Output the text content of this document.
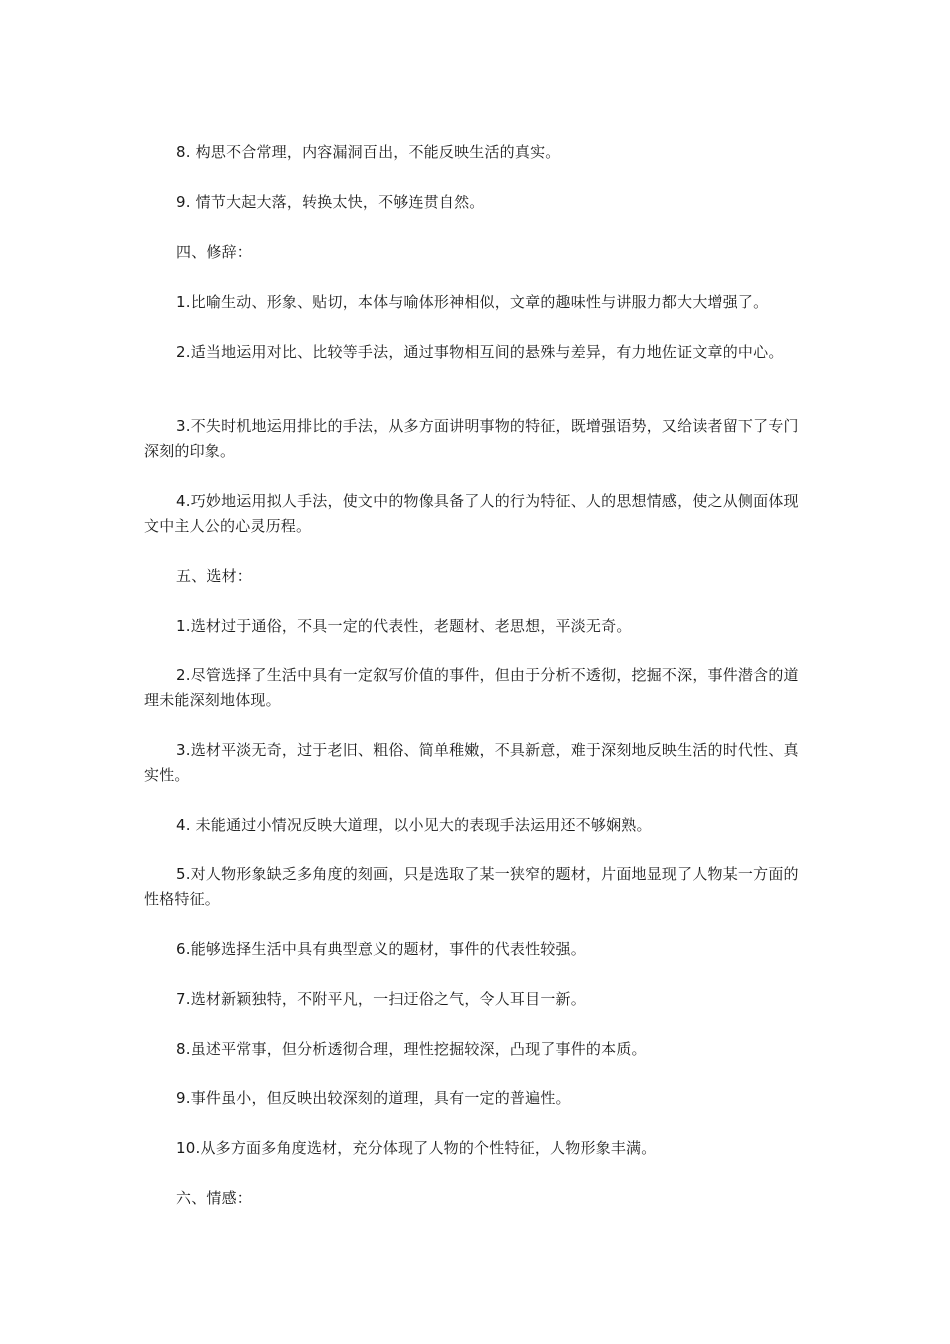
8. 构思不合常理，内容漏洞百出，不能反映生活的真实。

9. 情节大起大落，转换太快，不够连贯自然。

四、修辞：

1.比喻生动、形象、贴切，本体与喻体形神相似，文章的趣味性与讲服力都大大增强了。

2.适当地运用对比、比较等手法，通过事物相互间的悬殊与差异，有力地佐证文章的中心。

3.不失时机地运用排比的手法，从多方面讲明事物的特征，既增强语势，又给读者留下了专门深刻的印象。

4.巧妙地运用拟人手法，使文中的物像具备了人的行为特征、人的思想情感，使之从侧面体现文中主人公的心灵历程。

五、选材：

1.选材过于通俗，不具一定的代表性，老题材、老思想，平淡无奇。

2.尽管选择了生活中具有一定叙写价值的事件，但由于分析不透彻，挖掘不深，事件潜含的道理未能深刻地体现。

3.选材平淡无奇，过于老旧、粗俗、简单稚嫩，不具新意，难于深刻地反映生活的时代性、真实性。

4. 未能通过小情况反映大道理，以小见大的表现手法运用还不够娴熟。

5.对人物形象缺乏多角度的刻画，只是选取了某一狭窄的题材，片面地显现了人物某一方面的性格特征。

6.能够选择生活中具有典型意义的题材，事件的代表性较强。

7.选材新颖独特，不附平凡，一扫迂俗之气，令人耳目一新。

8.虽述平常事，但分析透彻合理，理性挖掘较深，凸现了事件的本质。

9.事件虽小，但反映出较深刻的道理，具有一定的普遍性。

10.从多方面多角度选材，充分体现了人物的个性特征，人物形象丰满。

六、情感：
